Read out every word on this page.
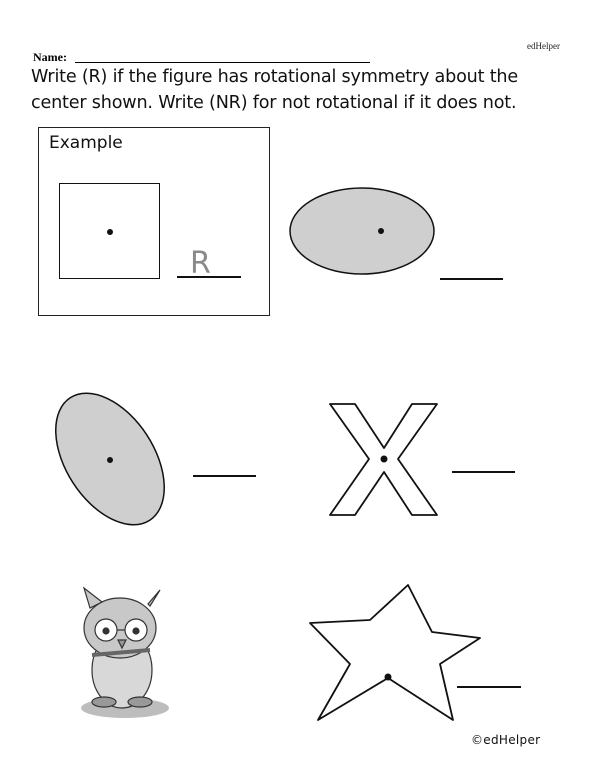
edHelper
Name:
Write (R) if the figure has rotational symmetry about the center shown. Write (NR) for not rotational if it does not.
Example
R
©edHelper
